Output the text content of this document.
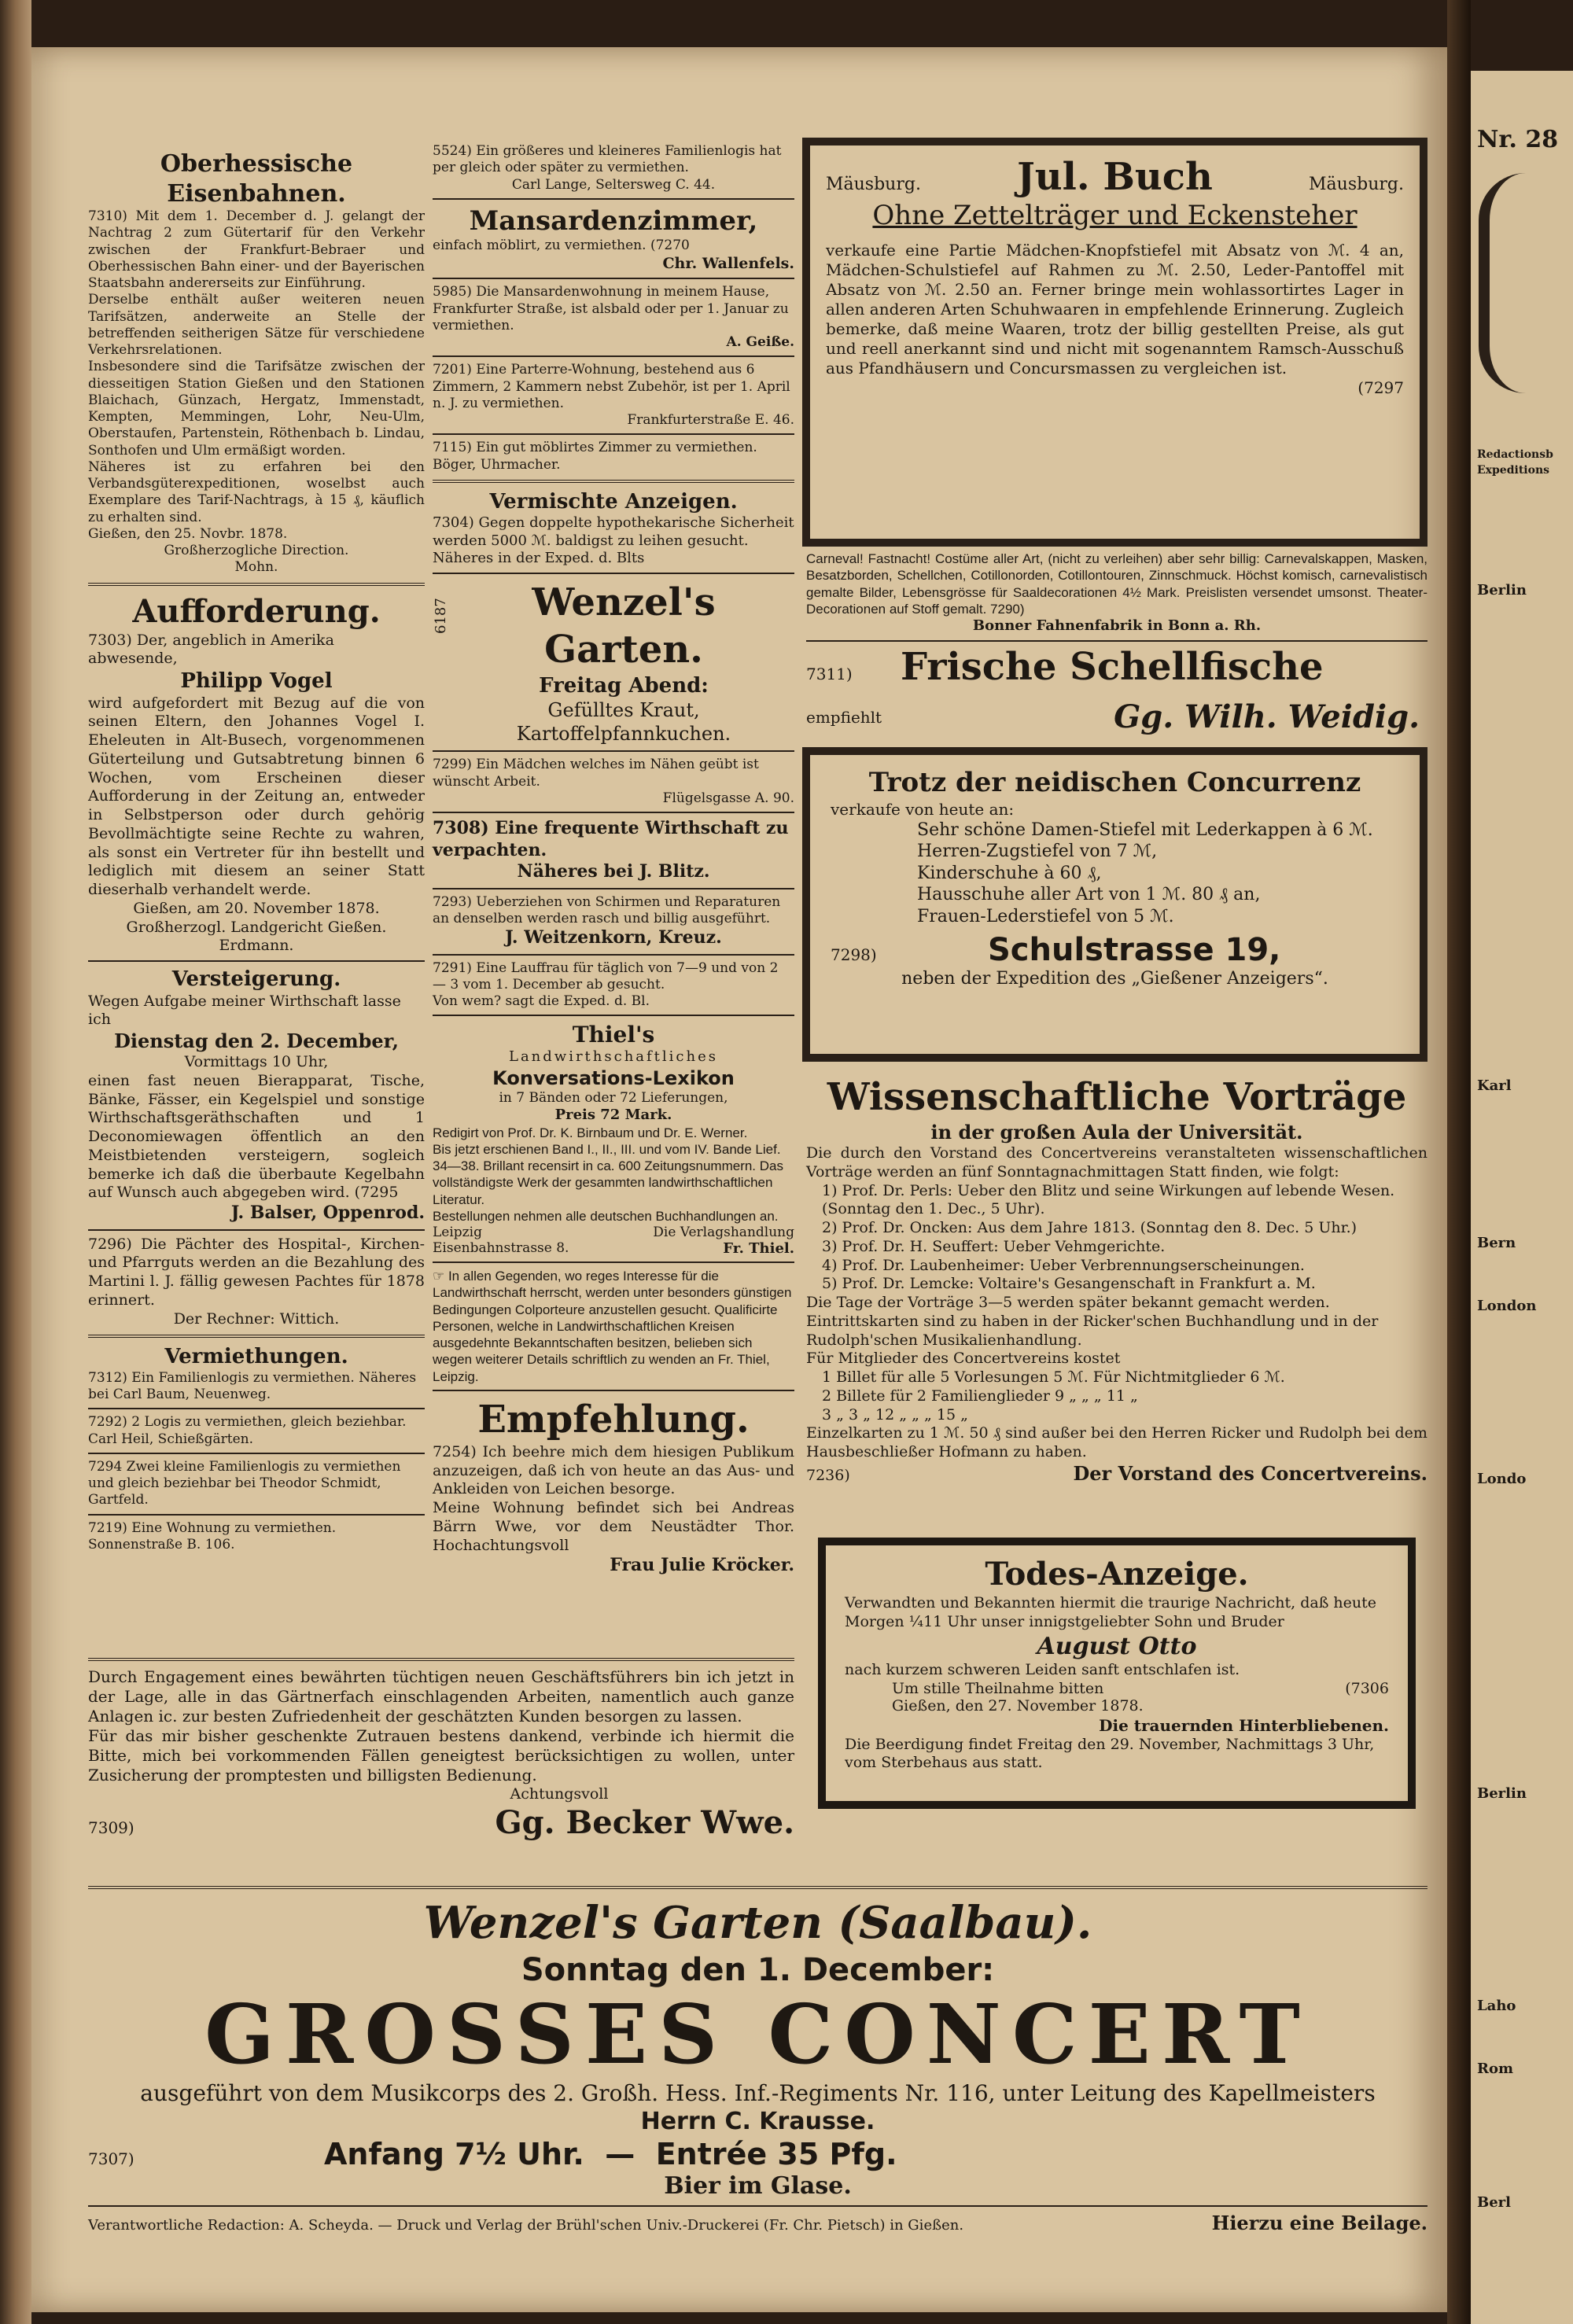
Oberhessische Eisenbahnen.

7310) Mit dem 1. December d. J. gelangt der Nachtrag 2 zum Gütertarif für den Verkehr zwischen der Frankfurt-Bebraer und Oberhessischen Bahn einer- und der Bayerischen Staatsbahn andererseits zur Einführung.
Derselbe enthält außer weiteren neuen Tarifsätzen, anderweite an Stelle der betreffenden seitherigen Sätze für verschiedene Verkehrsrelationen.
Insbesondere sind die Tarifsätze zwischen der diesseitigen Station Gießen und den Stationen Blaichach, Günzach, Hergatz, Immenstadt, Kempten, Memmingen, Lohr, Neu-Ulm, Oberstaufen, Partenstein, Röthenbach b. Lindau, Sonthofen und Ulm ermäßigt worden.
Näheres ist zu erfahren bei den Verbandsgüterexpeditionen, woselbst auch Exemplare des Tarif-Nachtrags, à 15 ₰, käuflich zu erhalten sind.

Gießen, den 25. Novbr. 1878.

Großherzogliche Direction.

Mohn.

Aufforderung.

7303) Der, angeblich in Amerika abwesende,

Philipp Vogel

wird aufgefordert mit Bezug auf die von seinen Eltern, den Johannes Vogel I. Eheleuten in Alt-Busech, vorgenommenen Güterteilung und Gutsabtretung binnen 6 Wochen, vom Erscheinen dieser Aufforderung in der Zeitung an, entweder in Selbstperson oder durch gehörig Bevollmächtigte seine Rechte zu wahren, als sonst ein Vertreter für ihn bestellt und lediglich mit diesem an seiner Statt dieserhalb verhandelt werde.

Gießen, am 20. November 1878.

Großherzogl. Landgericht Gießen.

Erdmann.

Versteigerung.

Wegen Aufgabe meiner Wirthschaft lasse ich

Dienstag den 2. December,

Vormittags 10 Uhr,

einen fast neuen Bierapparat, Tische, Bänke, Fässer, ein Kegelspiel und sonstige Wirthschaftsgeräthschaften und 1 Deconomiewagen öffentlich an den Meistbietenden versteigern, sogleich bemerke ich daß die überbaute Kegelbahn auf Wunsch auch abgegeben wird. (7295

J. Balser, Oppenrod.

7296) Die Pächter des Hospital-, Kirchen- und Pfarrguts werden an die Bezahlung des Martini l. J. fällig gewesen Pachtes für 1878 erinnert.

Der Rechner: Wittich.

Vermiethungen.

7312) Ein Familienlogis zu vermiethen. Näheres bei Carl Baum, Neuenweg.

7292) 2 Logis zu vermiethen, gleich beziehbar. Carl Heil, Schießgärten.

7294 Zwei kleine Familienlogis zu vermiethen und gleich beziehbar bei Theodor Schmidt, Gartfeld.

7219) Eine Wohnung zu vermiethen. Sonnenstraße B. 106.

5524) Ein größeres und kleineres Familienlogis hat per gleich oder später zu vermiethen.

Carl Lange, Seltersweg C. 44.

Mansardenzimmer,

einfach möblirt, zu vermiethen. (7270

Chr. Wallenfels.

5985) Die Mansardenwohnung in meinem Hause, Frankfurter Straße, ist alsbald oder per 1. Januar zu vermiethen.

A. Geiße.

7201) Eine Parterre-Wohnung, bestehend aus 6 Zimmern, 2 Kammern nebst Zubehör, ist per 1. April n. J. zu vermiethen.

Frankfurterstraße E. 46.

7115) Ein gut möblirtes Zimmer zu vermiethen. Böger, Uhrmacher.

Vermischte Anzeigen.

7304) Gegen doppelte hypothekarische Sicherheit werden 5000 ℳ. baldigst zu leihen gesucht. Näheres in der Exped. d. Blts

6187	Wenzel's Garten.

Freitag Abend:

Gefülltes Kraut,

Kartoffelpfannkuchen.

7299) Ein Mädchen welches im Nähen geübt ist wünscht Arbeit.

Flügelsgasse A. 90.

7308) Eine frequente Wirthschaft zu verpachten.

Näheres bei J. Blitz.

7293) Ueberziehen von Schirmen und Reparaturen an denselben werden rasch und billig ausgeführt.

J. Weitzenkorn, Kreuz.

7291) Eine Lauffrau für täglich von 7—9 und von 2 — 3 vom 1. December ab gesucht.

Von wem? sagt die Exped. d. Bl.

Thiel's

Landwirthschaftliches

Konversations-Lexikon

in 7 Bänden oder 72 Lieferungen,

Preis 72 Mark.

Redigirt von Prof. Dr. K. Birnbaum und Dr. E. Werner.
Bis jetzt erschienen Band I., II., III. und vom IV. Bande Lief. 34—38. Brillant recensirt in ca. 600 Zeitungsnummern. Das vollständigste Werk der gesammten landwirthschaftlichen Literatur.
Bestellungen nehmen alle deutschen Buchhandlungen an.

Leipzig	Die Verlagshandlung
Eisenbahnstrasse 8.	Fr. Thiel.

☞ In allen Gegenden, wo reges Interesse für die Landwirthschaft herrscht, werden unter besonders günstigen Bedingungen Colporteure anzustellen gesucht. Qualificirte Personen, welche in Landwirthschaftlichen Kreisen ausgedehnte Bekanntschaften besitzen, belieben sich wegen weiterer Details schriftlich zu wenden an Fr. Thiel, Leipzig.

Empfehlung.

7254) Ich beehre mich dem hiesigen Publikum anzuzeigen, daß ich von heute an das Aus- und Ankleiden von Leichen besorge.
Meine Wohnung befindet sich bei Andreas Bärrn Wwe, vor dem Neustädter Thor. Hochachtungsvoll

Frau Julie Kröcker.

Mäusburg.	Jul. Buch	Mäusburg.

Ohne Zettelträger und Eckensteher

verkaufe eine Partie Mädchen-Knopfstiefel mit Absatz von ℳ. 4 an, Mädchen-Schulstiefel auf Rahmen zu ℳ. 2.50, Leder-Pantoffel mit Absatz von ℳ. 2.50 an. Ferner bringe mein wohlassortirtes Lager in allen anderen Arten Schuhwaaren in empfehlende Erinnerung. Zugleich bemerke, daß meine Waaren, trotz der billig gestellten Preise, als gut und reell anerkannt sind und nicht mit sogenanntem Ramsch-Ausschuß aus Pfandhäusern und Concursmassen zu vergleichen ist.

(7297

Carneval! Fastnacht! Costüme aller Art, (nicht zu verleihen) aber sehr billig: Carnevalskappen, Masken, Besatzborden, Schellchen, Cotillonorden, Cotillontouren, Zinnschmuck. Höchst komisch, carnevalistisch gemalte Bilder, Lebensgrösse für Saaldecorationen 4½ Mark. Preislisten versendet umsonst. Theater-Decorationen auf Stoff gemalt. 7290)

Bonner Fahnenfabrik in Bonn a. Rh.

7311) Frische Schellfische
empfiehlt	Gg. Wilh. Weidig.

Trotz der neidischen Concurrenz

verkaufe von heute an:

Sehr schöne Damen-Stiefel mit Lederkappen à 6 ℳ.

Herren-Zugstiefel von 7 ℳ,

Kinderschuhe à 60 ₰,

Hausschuhe aller Art von 1 ℳ. 80 ₰ an,

Frauen-Lederstiefel von 5 ℳ.

7298)	Schulstrasse 19,

neben der Expedition des „Gießener Anzeigers“.

Wissenschaftliche Vorträge

in der großen Aula der Universität.

Die durch den Vorstand des Concertvereins veranstalteten wissenschaftlichen Vorträge werden an fünf Sonntagnachmittagen Statt finden, wie folgt:

1) Prof. Dr. Perls: Ueber den Blitz und seine Wirkungen auf lebende Wesen. (Sonntag den 1. Dec., 5 Uhr).

2) Prof. Dr. Oncken: Aus dem Jahre 1813. (Sonntag den 8. Dec. 5 Uhr.)

3) Prof. Dr. H. Seuffert: Ueber Vehmgerichte.

4) Prof. Dr. Laubenheimer: Ueber Verbrennungserscheinungen.

5) Prof. Dr. Lemcke: Voltaire's Gesangenschaft in Frankfurt a. M.

Die Tage der Vorträge 3—5 werden später bekannt gemacht werden.

Eintrittskarten sind zu haben in der Ricker'schen Buchhandlung und in der Rudolph'schen Musikalienhandlung.

Für Mitglieder des Concertvereins kostet

1 Billet für alle 5 Vorlesungen 5 ℳ. Für Nichtmitglieder 6 ℳ.

2 Billete für 2 Familienglieder 9 „ „ „ 11 „

3 „ 3 „ 12 „ „ „ 15 „

Einzelkarten zu 1 ℳ. 50 ₰ sind außer bei den Herren Ricker und Rudolph bei dem Hausbeschließer Hofmann zu haben.

7236)	Der Vorstand des Concertvereins.

Todes-Anzeige.

Verwandten und Bekannten hiermit die traurige Nachricht, daß heute Morgen ¼11 Uhr unser innigstgeliebter Sohn und Bruder

August Otto

nach kurzem schweren Leiden sanft entschlafen ist.

Um stille Theilnahme bitten	(7306

Gießen, den 27. November 1878.

Die trauernden Hinterbliebenen.

Die Beerdigung findet Freitag den 29. November, Nachmittags 3 Uhr, vom Sterbehaus aus statt.

Durch Engagement eines bewährten tüchtigen neuen Geschäftsführers bin ich jetzt in der Lage, alle in das Gärtnerfach einschlagenden Arbeiten, namentlich auch ganze Anlagen ic. zur besten Zufriedenheit der geschätzten Kunden besorgen zu lassen.
Für das mir bisher geschenkte Zutrauen bestens dankend, verbinde ich hiermit die Bitte, mich bei vorkommenden Fällen geneigtest berücksichtigen zu wollen, unter Zusicherung der promptesten und billigsten Bedienung.

Achtungsvoll

7309)	Gg. Becker Wwe.

Wenzel's Garten (Saalbau).

Sonntag den 1. December:

GROSSES CONCERT

ausgeführt von dem Musikcorps des 2. Großh. Hess. Inf.-Regiments Nr. 116, unter Leitung des Kapellmeisters

Herrn C. Krausse.

7307)	Anfang 7½ Uhr.  —  Entrée 35 Pfg.

Bier im Glase.

Verantwortliche Redaction: A. Scheyda. — Druck und Verlag der Brühl'schen Univ.-Druckerei (Fr. Chr. Pietsch) in Gießen.	Hierzu eine Beilage.
Nr. 28
Redactionsb
Expeditions
Berlin
Karl
Bern
London
Londo
Berlin
Laho
Rom
Berl
